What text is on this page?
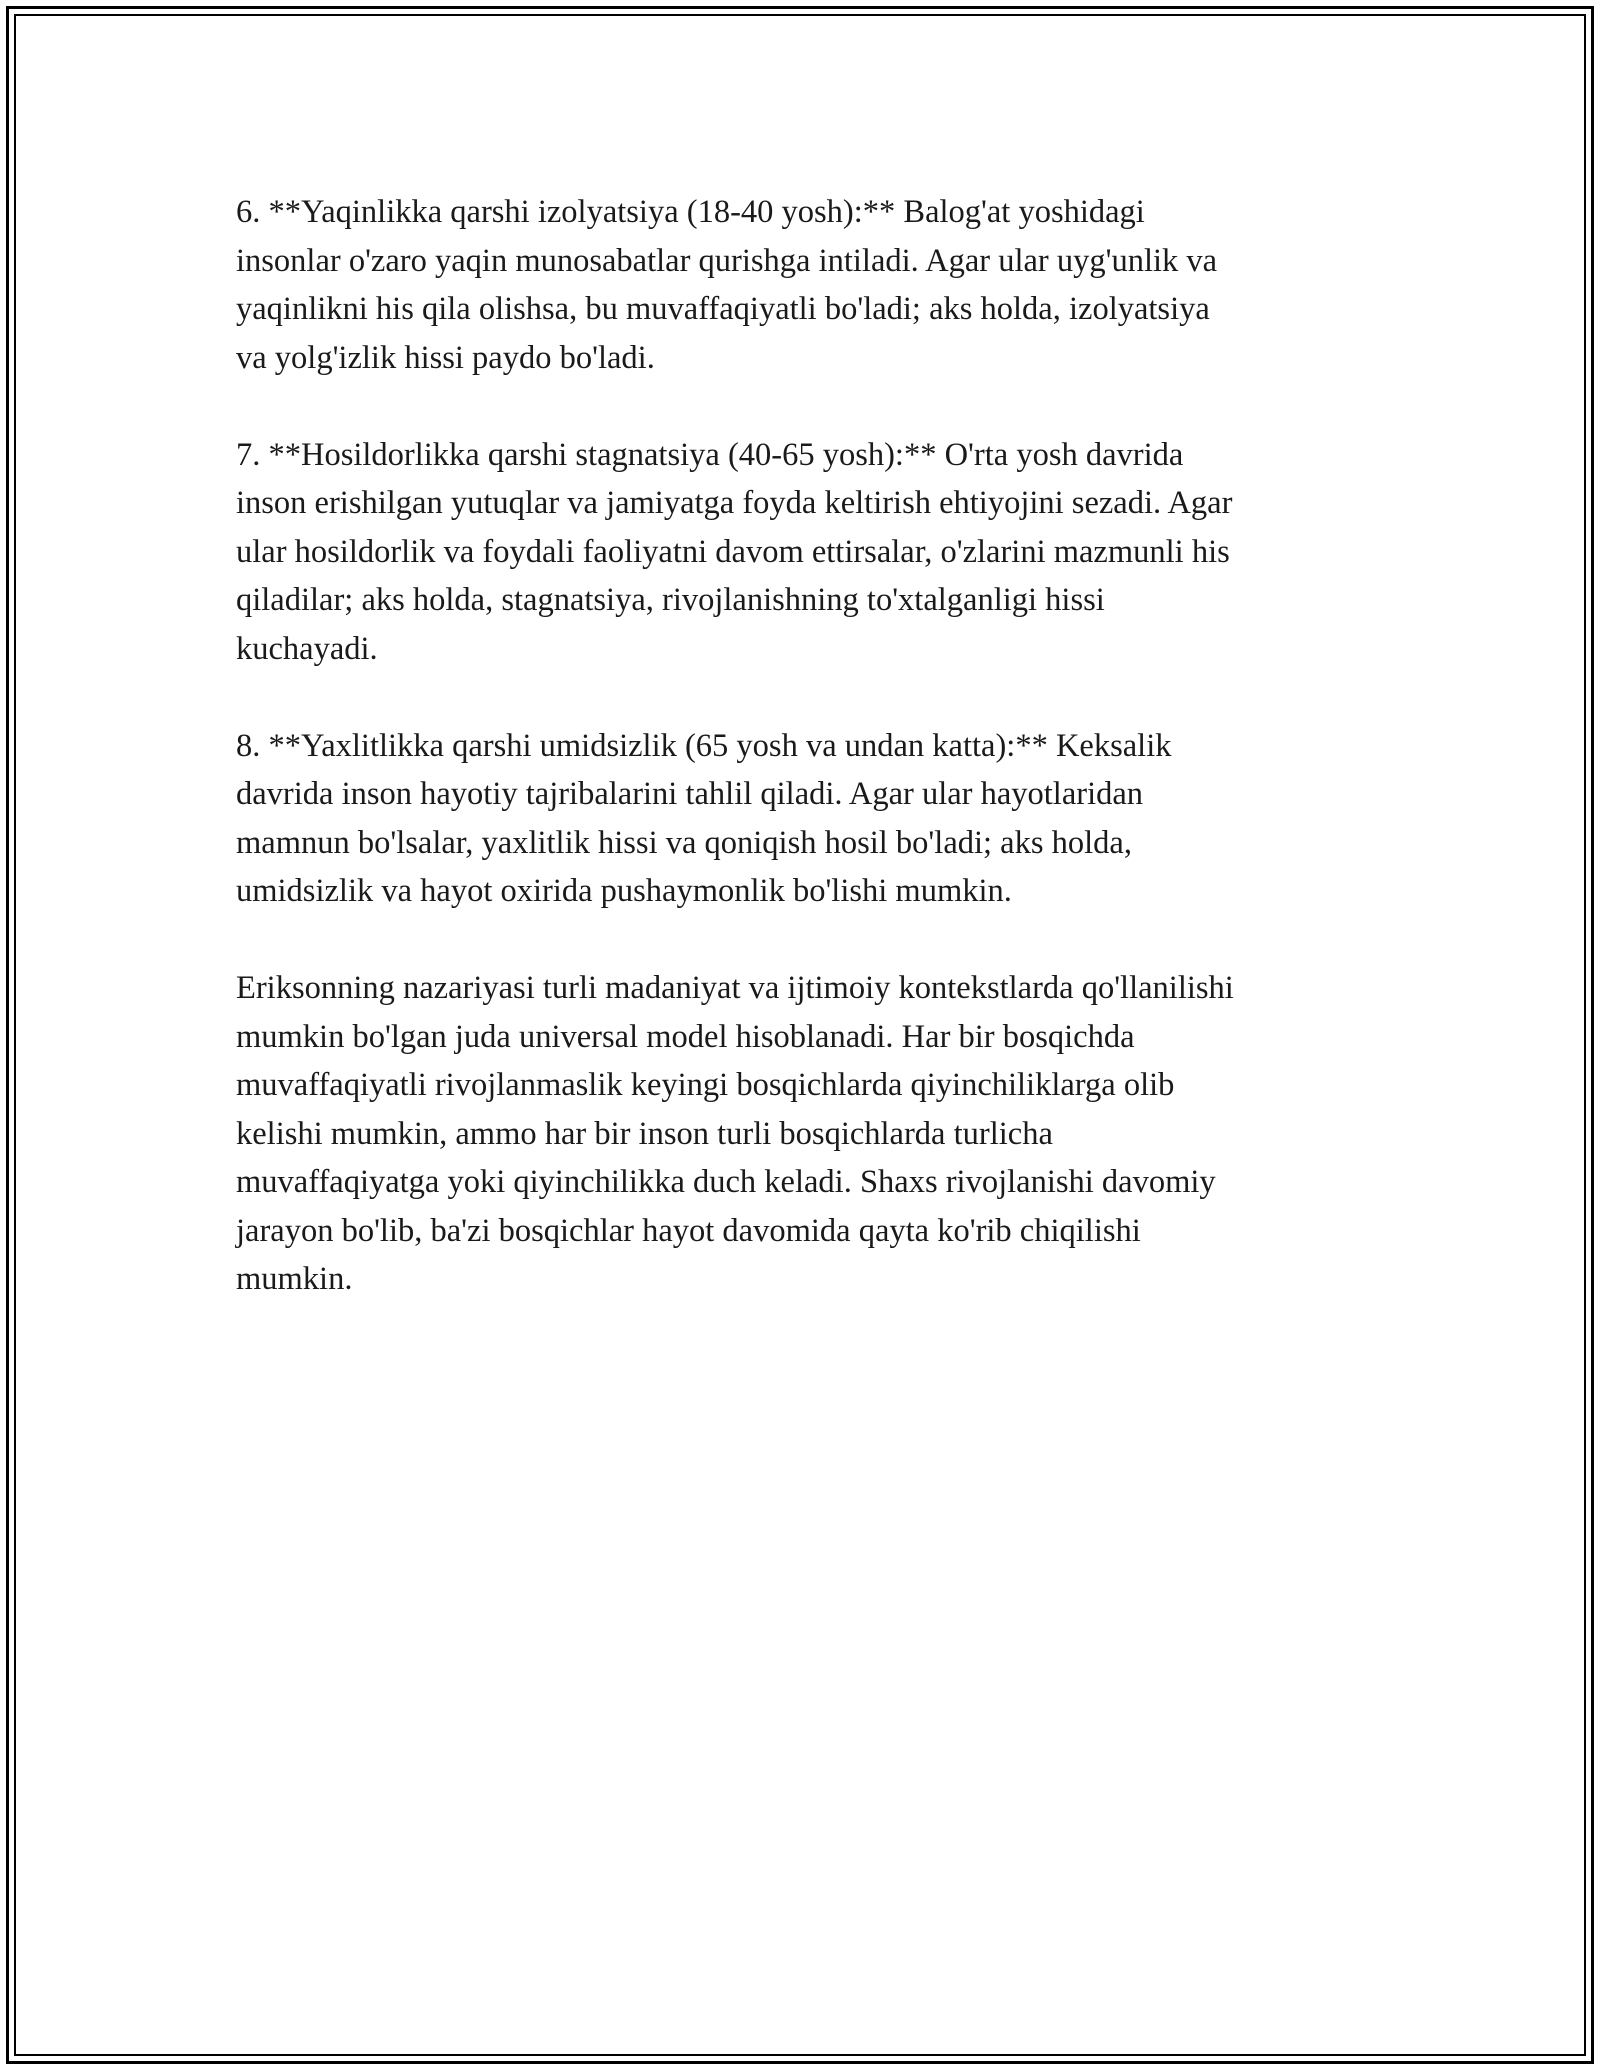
6. **Yaqinlikka qarshi izolyatsiya (18-40 yosh):** Balog'at yoshidagi
insonlar o'zaro yaqin munosabatlar qurishga intiladi. Agar ular uyg'unlik va
yaqinlikni his qila olishsa, bu muvaffaqiyatli bo'ladi; aks holda, izolyatsiya
va yolg'izlik hissi paydo bo'ladi.

7. **Hosildorlikka qarshi stagnatsiya (40-65 yosh):** O'rta yosh davrida
inson erishilgan yutuqlar va jamiyatga foyda keltirish ehtiyojini sezadi. Agar
ular hosildorlik va foydali faoliyatni davom ettirsalar, o'zlarini mazmunli his
qiladilar; aks holda, stagnatsiya, rivojlanishning to'xtalganligi hissi
kuchayadi.

8. **Yaxlitlikka qarshi umidsizlik (65 yosh va undan katta):** Keksalik
davrida inson hayotiy tajribalarini tahlil qiladi. Agar ular hayotlaridan
mamnun bo'lsalar, yaxlitlik hissi va qoniqish hosil bo'ladi; aks holda,
umidsizlik va hayot oxirida pushaymonlik bo'lishi mumkin.

Eriksonning nazariyasi turli madaniyat va ijtimoiy kontekstlarda qo'llanilishi
mumkin bo'lgan juda universal model hisoblanadi. Har bir bosqichda
muvaffaqiyatli rivojlanmaslik keyingi bosqichlarda qiyinchiliklarga olib
kelishi mumkin, ammo har bir inson turli bosqichlarda turlicha
muvaffaqiyatga yoki qiyinchilikka duch keladi. Shaxs rivojlanishi davomiy
jarayon bo'lib, ba'zi bosqichlar hayot davomida qayta ko'rib chiqilishi
mumkin.
